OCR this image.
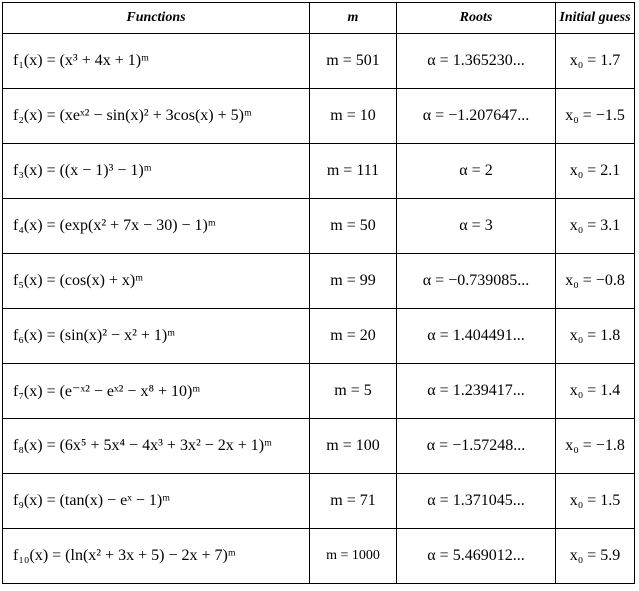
Functions	m	Roots	Initial guess
f₁(x) = (x³ + 4x + 1)ᵐ	m = 501	α = 1.365230...	x₀ = 1.7
f₂(x) = (xeˣ² − sin(x)² + 3cos(x) + 5)ᵐ	m = 10	α = −1.207647...	x₀ = −1.5
f₃(x) = ((x − 1)³ − 1)ᵐ	m = 111	α = 2	x₀ = 2.1
f₄(x) = (exp(x² + 7x − 30) − 1)ᵐ	m = 50	α = 3	x₀ = 3.1
f₅(x) = (cos(x) + x)ᵐ	m = 99	α = −0.739085...	x₀ = −0.8
f₆(x) = (sin(x)² − x² + 1)ᵐ	m = 20	α = 1.404491...	x₀ = 1.8
f₇(x) = (e⁻ˣ² − eˣ² − x⁸ + 10)ᵐ	m = 5	α = 1.239417...	x₀ = 1.4
f₈(x) = (6x⁵ + 5x⁴ − 4x³ + 3x² − 2x + 1)ᵐ	m = 100	α = −1.57248...	x₀ = −1.8
f₉(x) = (tan(x) − eˣ − 1)ᵐ	m = 71	α = 1.371045...	x₀ = 1.5
f₁₀(x) = (ln(x² + 3x + 5) − 2x + 7)ᵐ	m = 1000	α = 5.469012...	x₀ = 5.9
